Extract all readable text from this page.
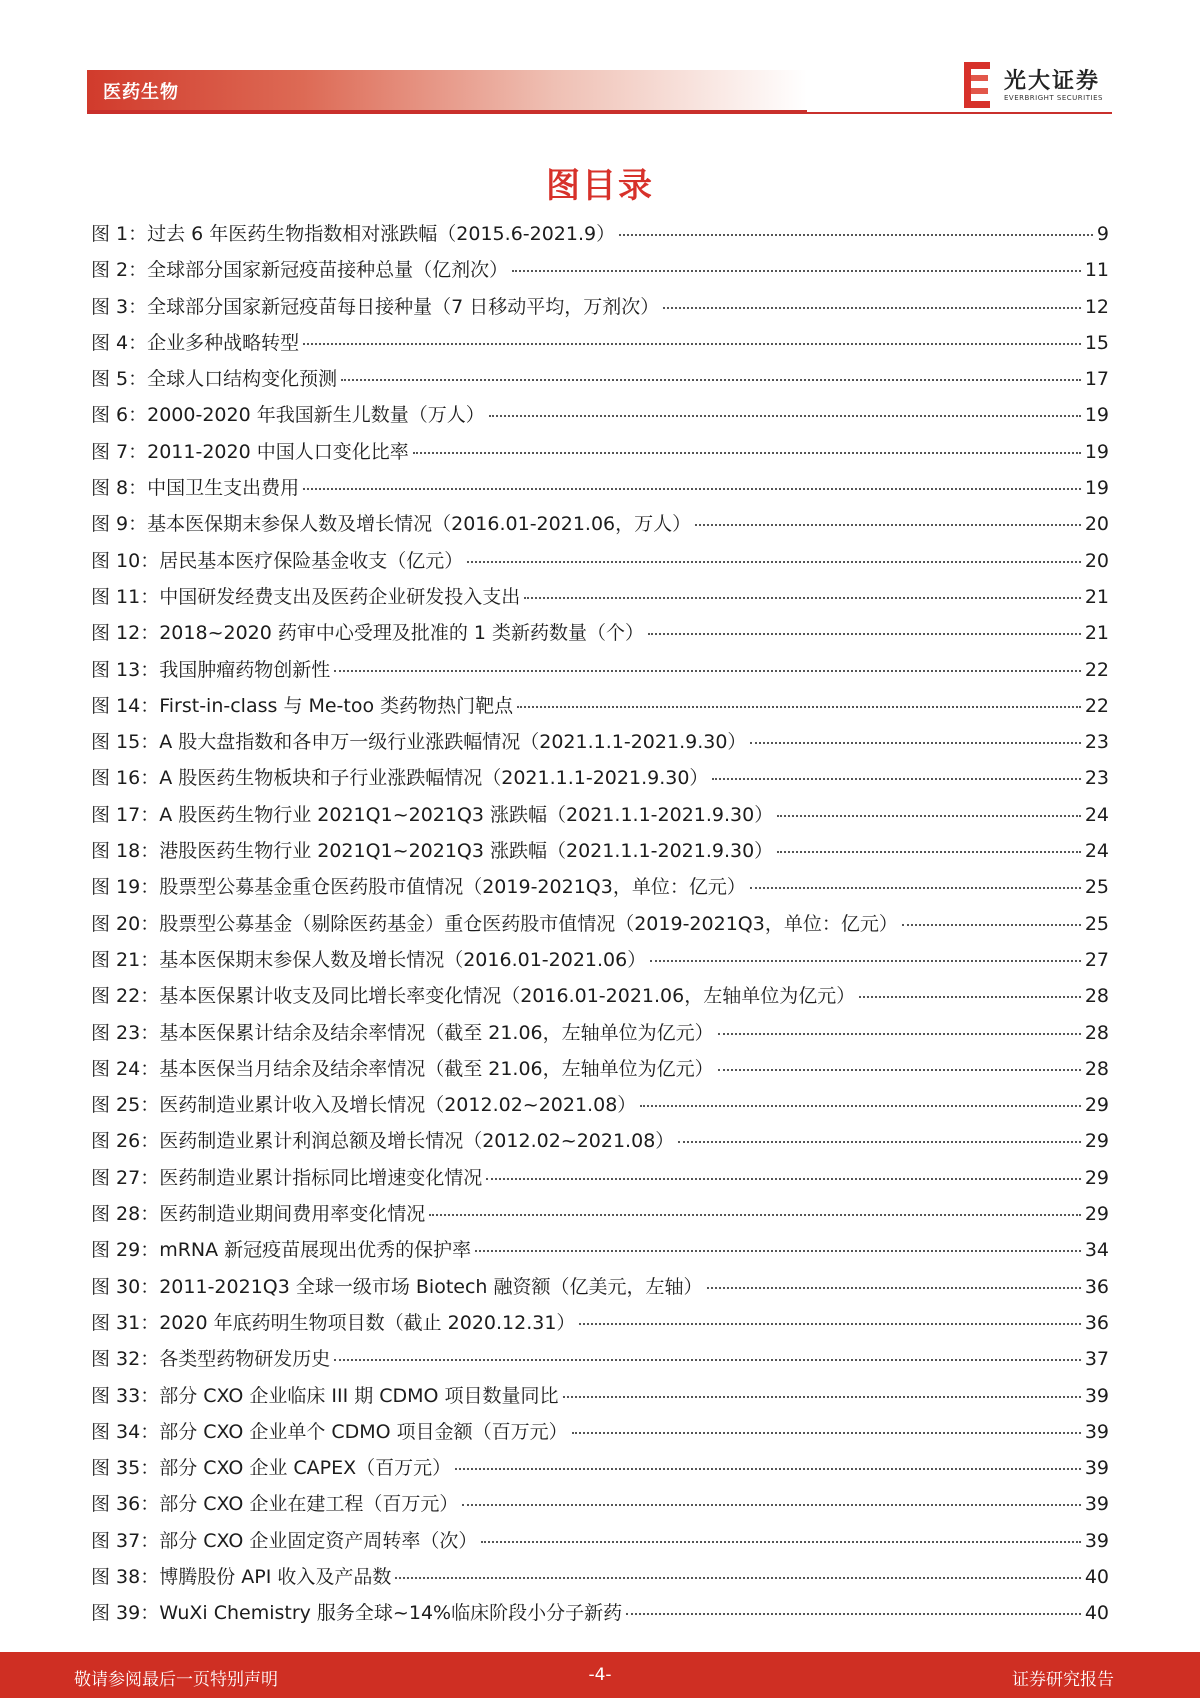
医药生物	光大证券
EVERBRIGHT SECURITIES
图目录
图 1：过去 6 年医药生物指数相对涨跌幅（2015.6-2021.9）	9
图 2：全球部分国家新冠疫苗接种总量（亿剂次）	11
图 3：全球部分国家新冠疫苗每日接种量（7 日移动平均，万剂次）	12
图 4：企业多种战略转型	15
图 5：全球人口结构变化预测	17
图 6：2000-2020 年我国新生儿数量（万人）	19
图 7：2011-2020 中国人口变化比率	19
图 8：中国卫生支出费用	19
图 9：基本医保期末参保人数及增长情况（2016.01-2021.06，万人）	20
图 10：居民基本医疗保险基金收支（亿元）	20
图 11：中国研发经费支出及医药企业研发投入支出	21
图 12：2018~2020 药审中心受理及批准的 1 类新药数量（个）	21
图 13：我国肿瘤药物创新性	22
图 14：First-in-class 与 Me-too 类药物热门靶点	22
图 15：A 股大盘指数和各申万一级行业涨跌幅情况（2021.1.1-2021.9.30）	23
图 16：A 股医药生物板块和子行业涨跌幅情况（2021.1.1-2021.9.30）	23
图 17：A 股医药生物行业 2021Q1~2021Q3 涨跌幅（2021.1.1-2021.9.30）	24
图 18：港股医药生物行业 2021Q1~2021Q3 涨跌幅（2021.1.1-2021.9.30）	24
图 19：股票型公募基金重仓医药股市值情况（2019-2021Q3，单位：亿元）	25
图 20：股票型公募基金（剔除医药基金）重仓医药股市值情况（2019-2021Q3，单位：亿元）	25
图 21：基本医保期末参保人数及增长情况（2016.01-2021.06）	27
图 22：基本医保累计收支及同比增长率变化情况（2016.01-2021.06，左轴单位为亿元）	28
图 23：基本医保累计结余及结余率情况（截至 21.06，左轴单位为亿元）	28
图 24：基本医保当月结余及结余率情况（截至 21.06，左轴单位为亿元）	28
图 25：医药制造业累计收入及增长情况（2012.02~2021.08）	29
图 26：医药制造业累计利润总额及增长情况（2012.02~2021.08）	29
图 27：医药制造业累计指标同比增速变化情况	29
图 28：医药制造业期间费用率变化情况	29
图 29：mRNA 新冠疫苗展现出优秀的保护率	34
图 30：2011-2021Q3 全球一级市场 Biotech 融资额（亿美元，左轴）	36
图 31：2020 年底药明生物项目数（截止 2020.12.31）	36
图 32：各类型药物研发历史	37
图 33：部分 CXO 企业临床 III 期 CDMO 项目数量同比	39
图 34：部分 CXO 企业单个 CDMO 项目金额（百万元）	39
图 35：部分 CXO 企业 CAPEX（百万元）	39
图 36：部分 CXO 企业在建工程（百万元）	39
图 37：部分 CXO 企业固定资产周转率（次）	39
图 38：博腾股份 API 收入及产品数	40
图 39：WuXi Chemistry 服务全球~14%临床阶段小分子新药	40
敬请参阅最后一页特别声明	-4-	证券研究报告
